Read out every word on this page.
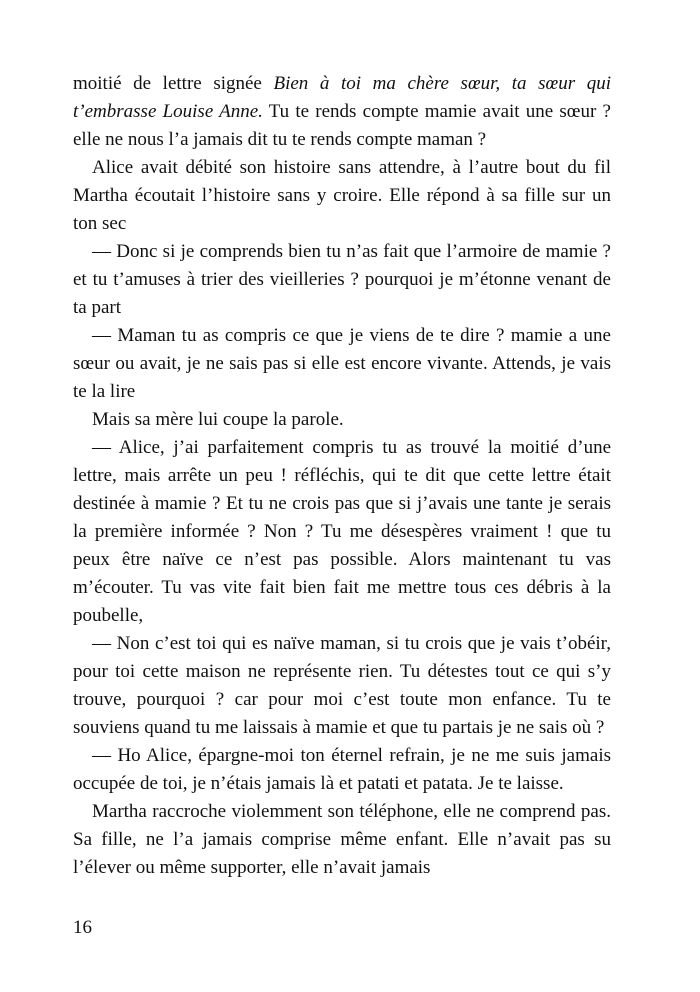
moitié de lettre signée Bien à toi ma chère sœur, ta sœur qui t’embrasse Louise Anne. Tu te rends compte mamie avait une sœur ? elle ne nous l’a jamais dit tu te rends compte maman ?

Alice avait débité son histoire sans attendre, à l’autre bout du fil Martha écoutait l’histoire sans y croire. Elle répond à sa fille sur un ton sec

— Donc si je comprends bien tu n’as fait que l’armoire de mamie ? et tu t’amuses à trier des vieilleries ? pourquoi je m’étonne venant de ta part

— Maman tu as compris ce que je viens de te dire ? mamie a une sœur ou avait, je ne sais pas si elle est encore vivante. Attends, je vais te la lire

Mais sa mère lui coupe la parole.

— Alice, j’ai parfaitement compris tu as trouvé la moitié d’une lettre, mais arrête un peu ! réfléchis, qui te dit que cette lettre était destinée à mamie ? Et tu ne crois pas que si j’avais une tante je serais la première informée ? Non ? Tu me désespères vraiment ! que tu peux être naïve ce n’est pas possible. Alors maintenant tu vas m’écouter. Tu vas vite fait bien fait me mettre tous ces débris à la poubelle,

— Non c’est toi qui es naïve maman, si tu crois que je vais t’obéir, pour toi cette maison ne représente rien. Tu détestes tout ce qui s’y trouve, pourquoi ? car pour moi c’est toute mon enfance. Tu te souviens quand tu me laissais à mamie et que tu partais je ne sais où ?

— Ho Alice, épargne-moi ton éternel refrain, je ne me suis jamais occupée de toi, je n’étais jamais là et patati et patata. Je te laisse.

Martha raccroche violemment son téléphone, elle ne comprend pas. Sa fille, ne l’a jamais comprise même enfant. Elle n’avait pas su l’élever ou même supporter, elle n’avait jamais

16
